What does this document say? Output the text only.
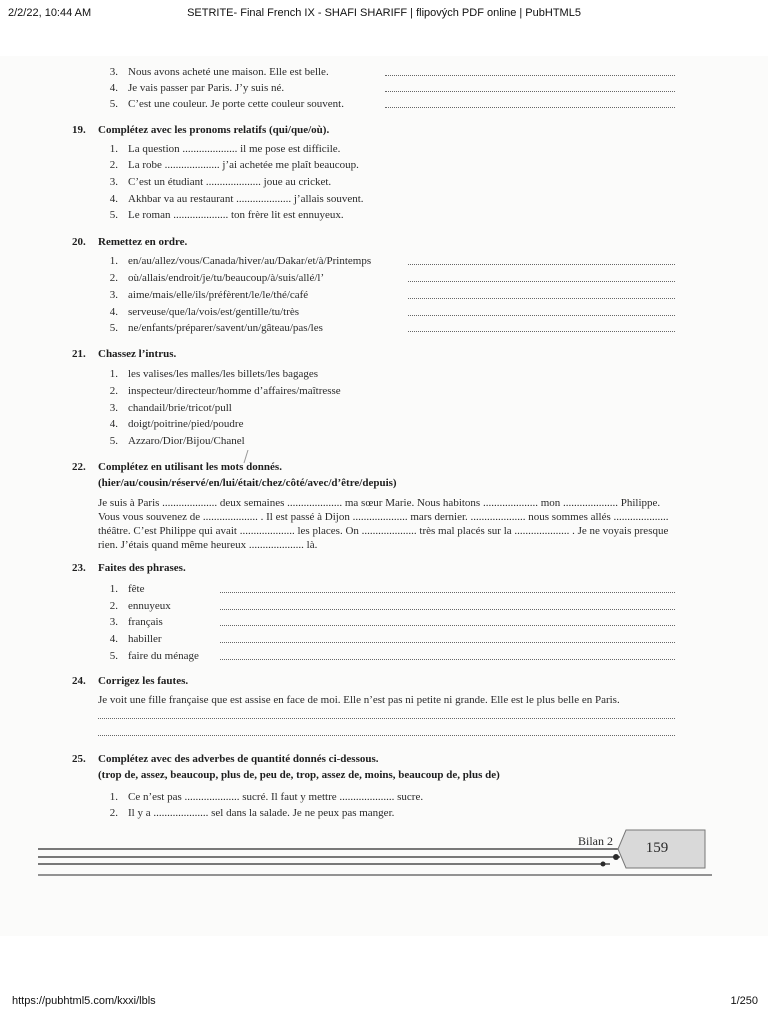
2/2/22, 10:44 AM	SETRITE- Final French IX - SHAFI SHARIFF | flipových PDF online | PubHTML5
3. Nous avons acheté une maison. Elle est belle.
4. Je vais passer par Paris. J’y suis né.
5. C’est une couleur. Je porte cette couleur souvent.
19. Complétez avec les pronoms relatifs (qui/que/où).
1. La question .................... il me pose est difficile.
2. La robe .................... j’ai achetée me plaît beaucoup.
3. C’est un étudiant .................... joue au cricket.
4. Akhbar va au restaurant .................... j’allais souvent.
5. Le roman .................... ton frère lit est ennuyeux.
20. Remettez en ordre.
1. en/au/allez/vous/Canada/hiver/au/Dakar/et/à/Printemps
2. où/allais/endroit/je/tu/beaucoup/à/suis/allé/l’
3. aime/mais/elle/ils/préfèrent/le/le/thé/café
4. serveuse/que/la/vois/est/gentille/tu/très
5. ne/enfants/préparer/savent/un/gâteau/pas/les
21. Chassez l’intrus.
1. les valises/les malles/les billets/les bagages
2. inspecteur/directeur/homme d’affaires/maîtresse
3. chandail/brie/tricot/pull
4. doigt/poitrine/pied/poudre
5. Azzaro/Dior/Bijou/Chanel
22. Complétez en utilisant les mots donnés.
(hier/au/cousin/réservé/en/lui/était/chez/côté/avec/d’être/depuis)
Je suis à Paris .................... deux semaines .................... ma sœur Marie. Nous habitons .................... mon .................... Philippe.
Vous vous souvenez de .................... . Il est passé à Dijon .................... mars dernier. .................... nous sommes allés ....................
théâtre. C’est Philippe qui avait .................... les places. On .................... très mal placés sur la .................... . Je ne voyais presque
rien. J’étais quand même heureux .................... là.
23. Faites des phrases.
1. fête
2. ennuyeux
3. français
4. habiller
5. faire du ménage
24. Corrigez les fautes.
Je voit une fille française que est assise en face de moi. Elle n’est pas ni petite ni grande. Elle est le plus belle en Paris.
25. Complétez avec des adverbes de quantité donnés ci-dessous.
(trop de, assez, beaucoup, plus de, peu de, trop, assez de, moins, beaucoup de, plus de)
1. Ce n’est pas .................... sucré. Il faut y mettre .................... sucre.
2. Il y a .................... sel dans la salade. Je ne peux pas manger.
Bilan 2	159
https://pubhtml5.com/kxxi/lbls	1/250
